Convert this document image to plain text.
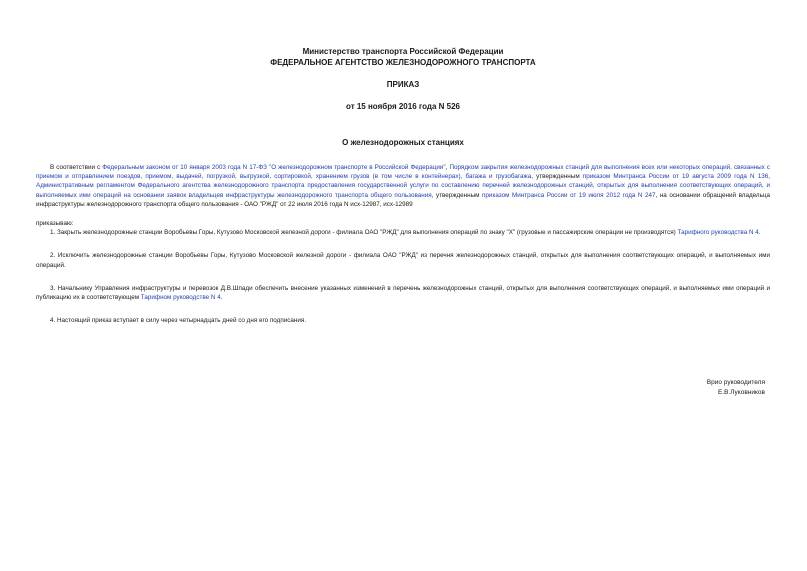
Министерство транспорта Российской Федерации
ФЕДЕРАЛЬНОЕ АГЕНТСТВО ЖЕЛЕЗНОДОРОЖНОГО ТРАНСПОРТА
ПРИКАЗ
от 15 ноября 2016 года N 526
О железнодорожных станциях

В соответствии с Федеральным законом от 10 января 2003 года N 17-ФЗ "О железнодорожном транспорте в Российской Федерации", Порядком закрытия железнодорожных станций для выполнения всех или некоторых операций, связанных с приемом и отправлением поездов, приемом, выдачей, погрузкой, выгрузкой, сортировкой, хранением грузов (в том числе в контейнерах), багажа и грузобагажа, утвержденным приказом Минтранса России от 19 августа 2009 года N 136, Административным регламентом Федерального агентства железнодорожного транспорта предоставления государственной услуги по составлению перечней железнодорожных станций, открытых для выполнения соответствующих операций, и выполняемых ими операций на основании заявок владельцев инфраструктуры железнодорожного транспорта общего пользования, утвержденным приказом Минтранса России от 19 июля 2012 года N 247, на основании обращений владельца инфраструктуры железнодорожного транспорта общего пользования - ОАО "РЖД" от 22 июля 2016 года N исх-12987, исх-12989

приказываю:

1. Закрыть железнодорожные станции Воробьевы Горы, Кутузово Московской железной дороги - филиала ОАО "РЖД" для выполнения операций по знаку "Х" (грузовые и пассажирские операции не производятся) Тарифного руководства N 4.

2. Исключить железнодорожные станции Воробьевы Горы, Кутузово Московской железной дороги - филиала ОАО "РЖД" из перечня железнодорожных станций, открытых для выполнения соответствующих операций, и выполняемых ими операций.

3. Начальнику Управления инфраструктуры и перевозок Д.В.Шпади обеспечить внесение указанных изменений в перечень железнодорожных станций, открытых для выполнения соответствующих операций, и выполняемых ими операций и публикацию их в соответствующем Тарифном руководстве N 4.

4. Настоящий приказ вступает в силу через четырнадцать дней со дня его подписания.

Врио руководителя
Е.В.Луковников
